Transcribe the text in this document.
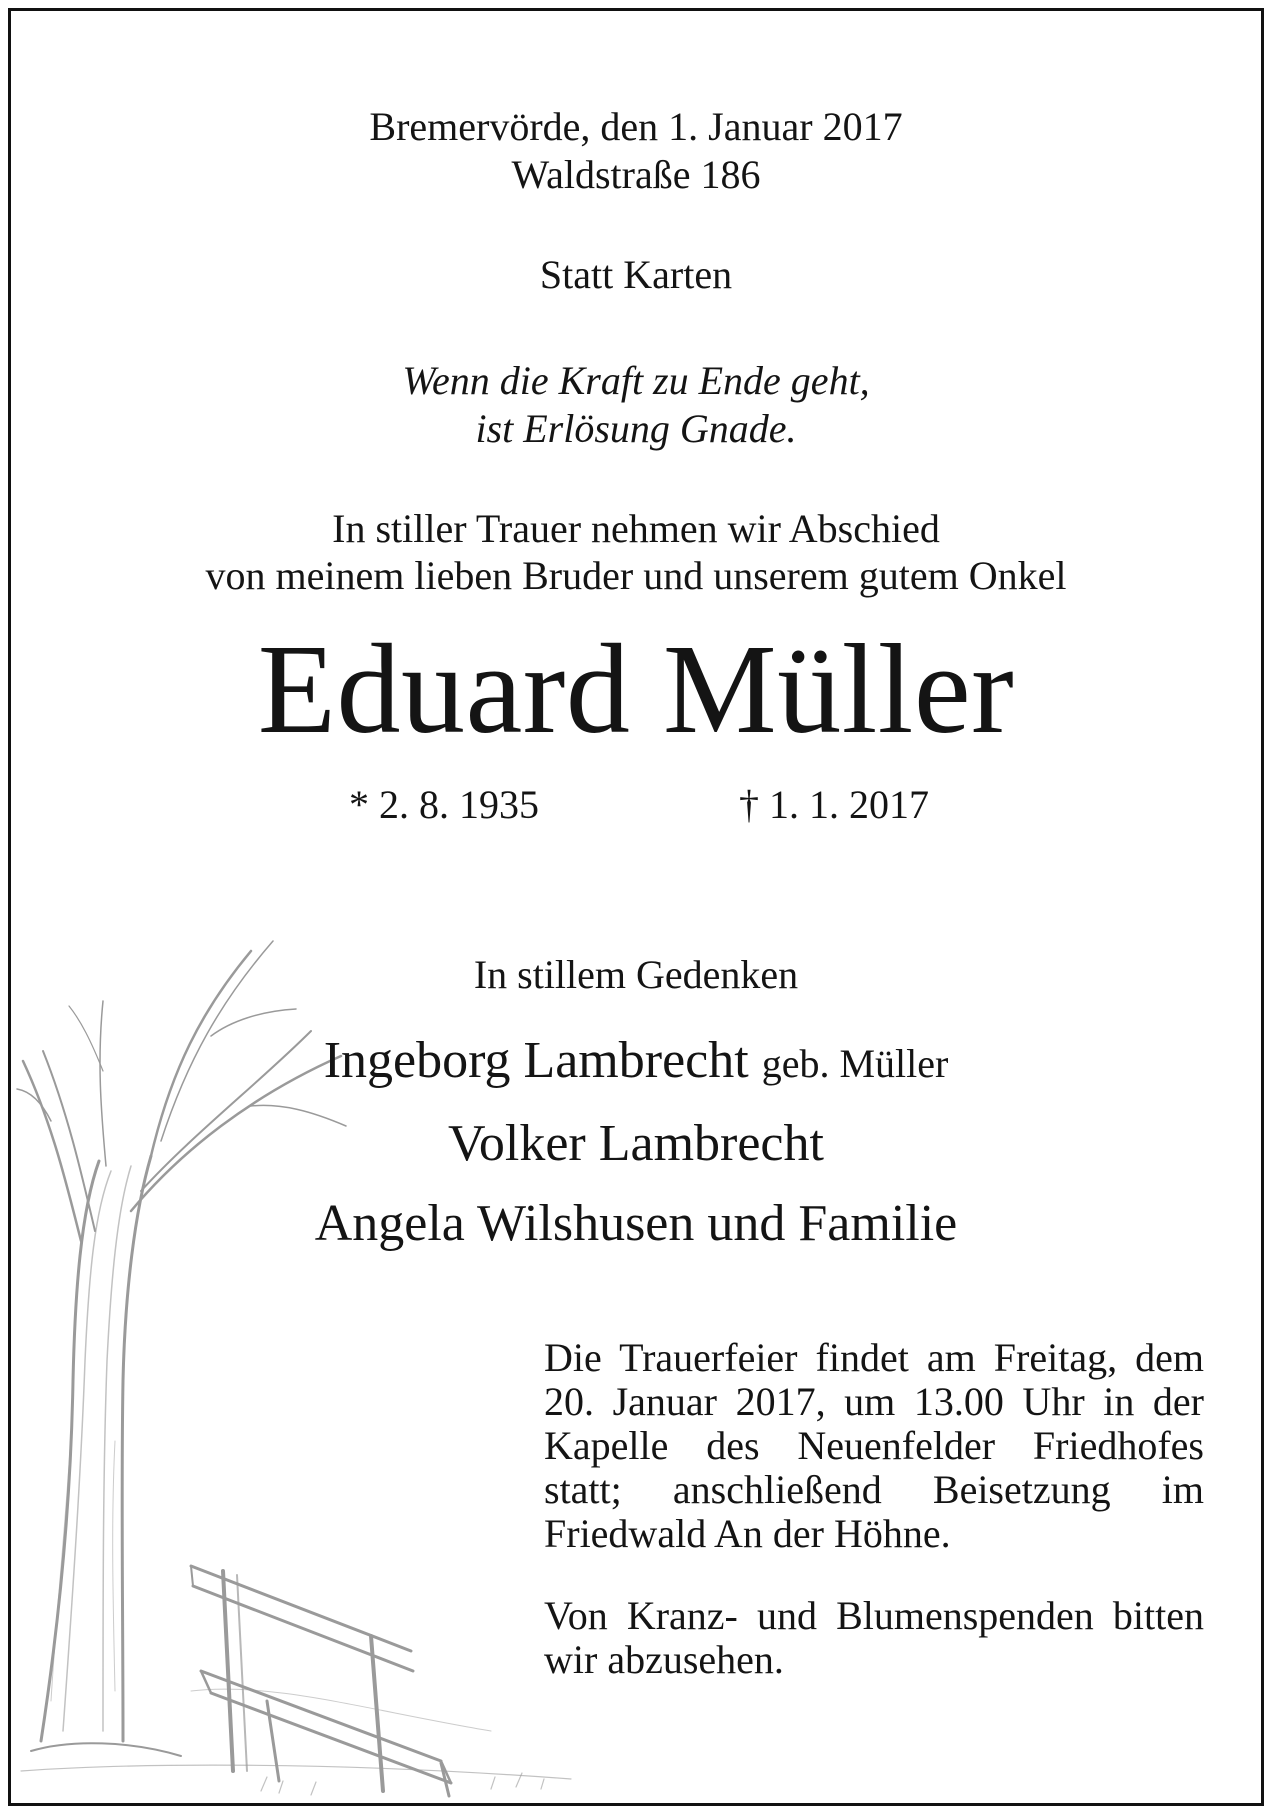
Bremervörde, den 1. Januar 2017
Waldstraße 186
Statt Karten
Wenn die Kraft zu Ende geht,
ist Erlösung Gnade.
In stiller Trauer nehmen wir Abschied
von meinem lieben Bruder und unserem gutem Onkel
Eduard Müller
* 2. 8. 1935	† 1. 1. 2017
In stillem Gedenken
Ingeborg Lambrecht geb. Müller
Volker Lambrecht
Angela Wilshusen und Familie

Die Trauerfeier findet am Freitag, dem 20. Januar 2017, um 13.00 Uhr in der Kapelle des Neuenfelder Friedhofes statt; anschließend Beisetzung im Friedwald An der Höhne.

Von Kranz- und Blumenspenden bitten wir abzusehen.
